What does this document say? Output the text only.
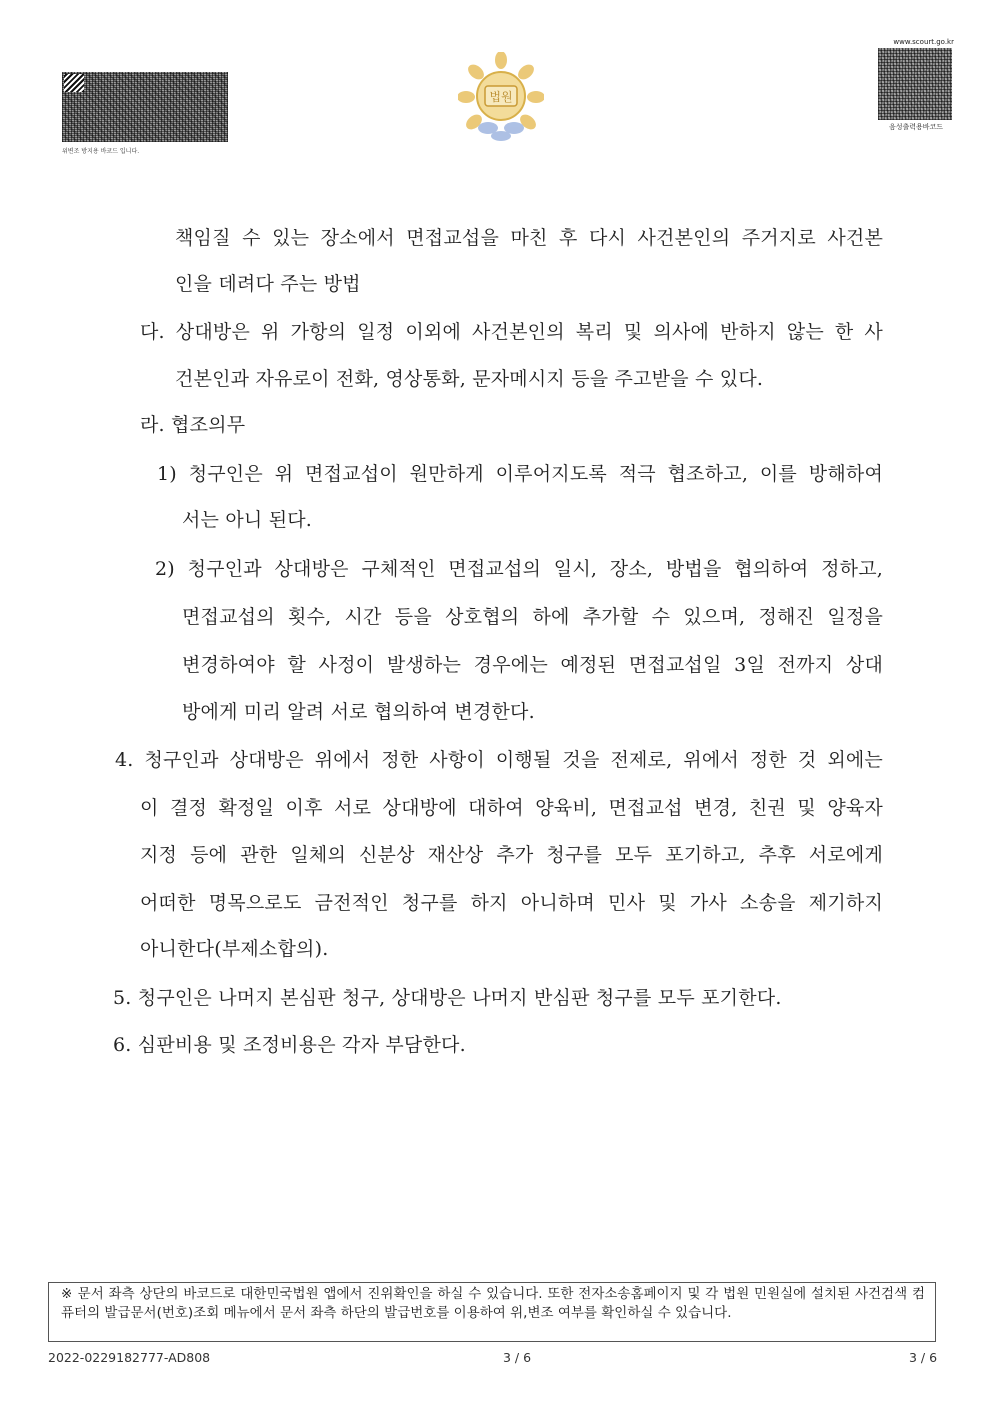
위변조 방지용 바코드 입니다.
법원
www.scourt.go.kr
음성출력용바코드
책임질 수 있는 장소에서 면접교섭을 마친 후 다시 사건본인의 주거지로 사건본
인을 데려다 주는 방법
다. 상대방은 위 가항의 일정 이외에 사건본인의 복리 및 의사에 반하지 않는 한 사
건본인과 자유로이 전화, 영상통화, 문자메시지 등을 주고받을 수 있다.
라. 협조의무
1) 청구인은 위 면접교섭이 원만하게 이루어지도록 적극 협조하고, 이를 방해하여
서는 아니 된다.
2) 청구인과 상대방은 구체적인 면접교섭의 일시, 장소, 방법을 협의하여 정하고,
면접교섭의 횟수, 시간 등을 상호협의 하에 추가할 수 있으며, 정해진 일정을
변경하여야 할 사정이 발생하는 경우에는 예정된 면접교섭일 3일 전까지 상대
방에게 미리 알려 서로 협의하여 변경한다.
4. 청구인과 상대방은 위에서 정한 사항이 이행될 것을 전제로, 위에서 정한 것 외에는
이 결정 확정일 이후 서로 상대방에 대하여 양육비, 면접교섭 변경, 친권 및 양육자
지정 등에 관한 일체의 신분상 재산상 추가 청구를 모두 포기하고, 추후 서로에게
어떠한 명목으로도 금전적인 청구를 하지 아니하며 민사 및 가사 소송을 제기하지
아니한다(부제소합의).
5. 청구인은 나머지 본심판 청구, 상대방은 나머지 반심판 청구를 모두 포기한다.
6. 심판비용 및 조정비용은 각자 부담한다.
※ 문서 좌측 상단의 바코드로 대한민국법원 앱에서 진위확인을 하실 수 있습니다. 또한 전자소송홈페이지 및 각 법원 민원실에 설치된 사건검색 컴퓨터의 발급문서(번호)조회 메뉴에서 문서 좌측 하단의 발급번호를 이용하여 위,변조 여부를 확인하실 수 있습니다.
2022-0229182777-AD808	3 / 6	3 / 6
